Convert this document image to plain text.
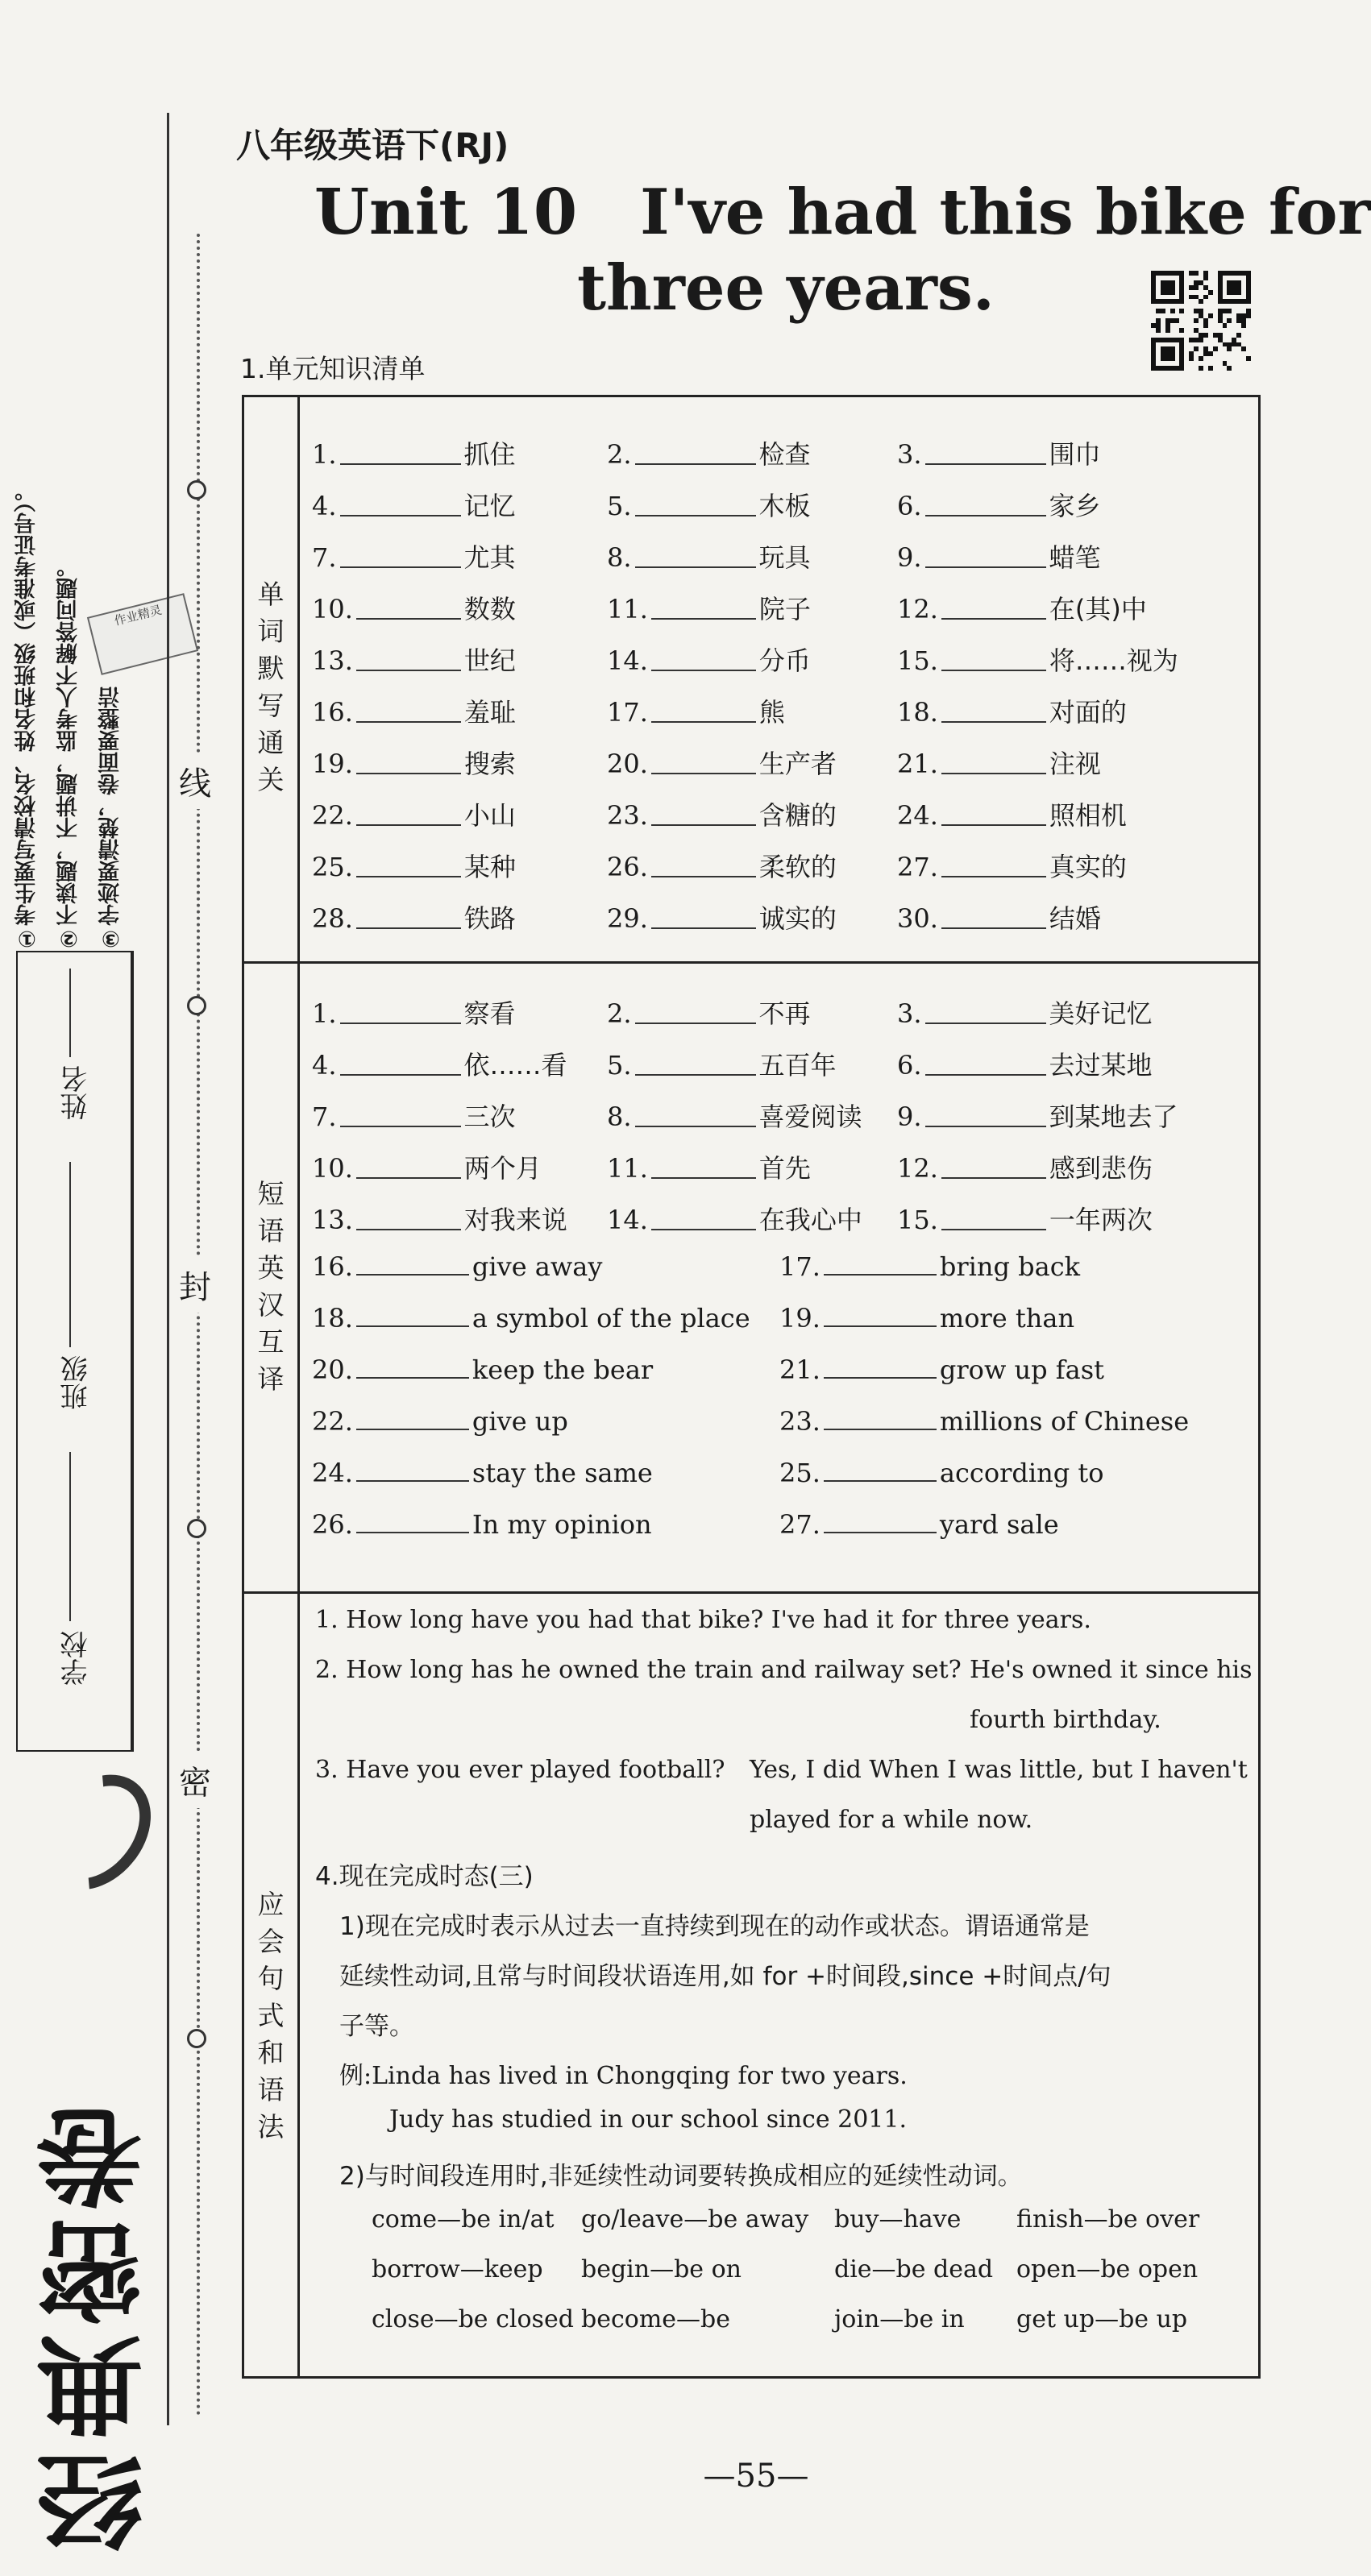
①考生要写清校名、姓名和班级（或准考证号）。 ②不读题，不讲题，监考人不解答问题。 ③字迹要清楚，卷面要整洁
作业精灵
学校
班级
姓名
经典密卷
线
封
密
八年级英语下(RJ)
Unit 10 I've had this bike for
three years.
1.单元知识清单
单词默写通关
短语英汉互译
应会句式和语法
1.	抓住	2.	检查	3.	围巾
4.	记忆	5.	木板	6.	家乡
7.	尤其	8.	玩具	9.	蜡笔
10.	数数	11.	院子	12.	在(其)中
13.	世纪	14.	分币	15.	将……视为
16.	羞耻	17.	熊	18.	对面的
19.	搜索	20.	生产者 21.	注视
22.	小山	23.	含糖的 24.	照相机
25.	某种	26.	柔软的 27.	真实的
28.	铁路	29.	诚实的 30.	结婚
1.	察看	2.	不再	3.	美好记忆
4.	依……看 5.	五百年 6.	去过某地
7.	三次	8.	喜爱阅读 9.	到某地去了
10.	两个月	11.	首先	12.	感到悲伤
13.	对我来说 14.	在我心中 15.	一年两次
16.	give away	17.	bring back
18.	a symbol of the place 19.	more than
20.	keep the bear	21.	grow up fast
22.	give up	23.	millions of Chinese
24.	stay the same	25.	according to
26.	In my opinion	27.	yard sale
1. How long have you had that bike? I've had it for three years.
2. How long has he owned the train and railway set? He's owned it since his
fourth birthday.
3. Have you ever played football? Yes, I did When I was little, but I haven't
played for a while now.
4.现在完成时态(三)
1)现在完成时表示从过去一直持续到现在的动作或状态。谓语通常是
延续性动词,且常与时间段状语连用,如 for +时间段,since +时间点/句
子等。
例:Linda has lived in Chongqing for two years.
Judy has studied in our school since 2011.
2)与时间段连用时,非延续性动词要转换成相应的延续性动词。
come—be in/at go/leave—be away buy—have finish—be over
borrow—keep begin—be on	die—be dead open—be open
close—be closed become—be	join—be in get up—be up
—55—
